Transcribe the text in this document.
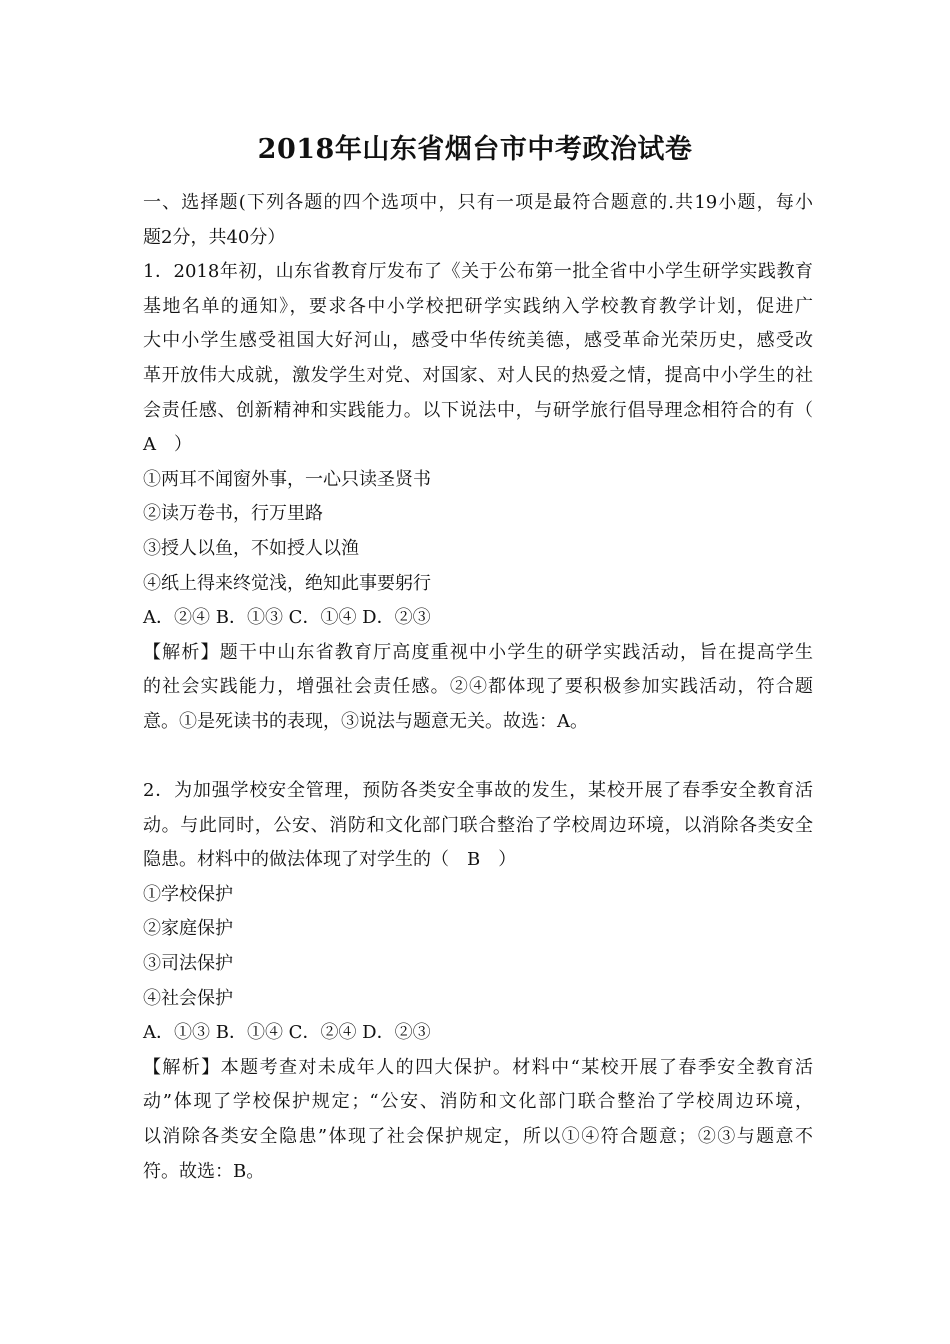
2018年山东省烟台市中考政治试卷
一、选择题(下列各题的四个选项中，只有一项是最符合题意的.共19小题，每小
题2分，共40分）
1．2018年初，山东省教育厅发布了《关于公布第一批全省中小学生研学实践教育
基地名单的通知》，要求各中小学校把研学实践纳入学校教育教学计划，促进广
大中小学生感受祖国大好河山，感受中华传统美德，感受革命光荣历史，感受改
革开放伟大成就，激发学生对党、对国家、对人民的热爱之情，提高中小学生的社
会责任感、创新精神和实践能力。以下说法中，与研学旅行倡导理念相符合的有（
A　）
①两耳不闻窗外事，一心只读圣贤书
②读万卷书，行万里路
③授人以鱼，不如授人以渔
④纸上得来终觉浅，绝知此事要躬行
A．②④ B．①③ C．①④ D．②③
【解析】题干中山东省教育厅高度重视中小学生的研学实践活动，旨在提高学生
的社会实践能力，增强社会责任感。②④都体现了要积极参加实践活动，符合题
意。①是死读书的表现，③说法与题意无关。故选：A。
2．为加强学校安全管理，预防各类安全事故的发生，某校开展了春季安全教育活
动。与此同时，公安、消防和文化部门联合整治了学校周边环境，以消除各类安全
隐患。材料中的做法体现了对学生的（　B　）
①学校保护
②家庭保护
③司法保护
④社会保护
A．①③ B．①④ C．②④ D．②③
【解析】本题考查对未成年人的四大保护。材料中“某校开展了春季安全教育活
动”体现了学校保护规定；“公安、消防和文化部门联合整治了学校周边环境，
以消除各类安全隐患”体现了社会保护规定，所以①④符合题意；②③与题意不
符。故选：B。
